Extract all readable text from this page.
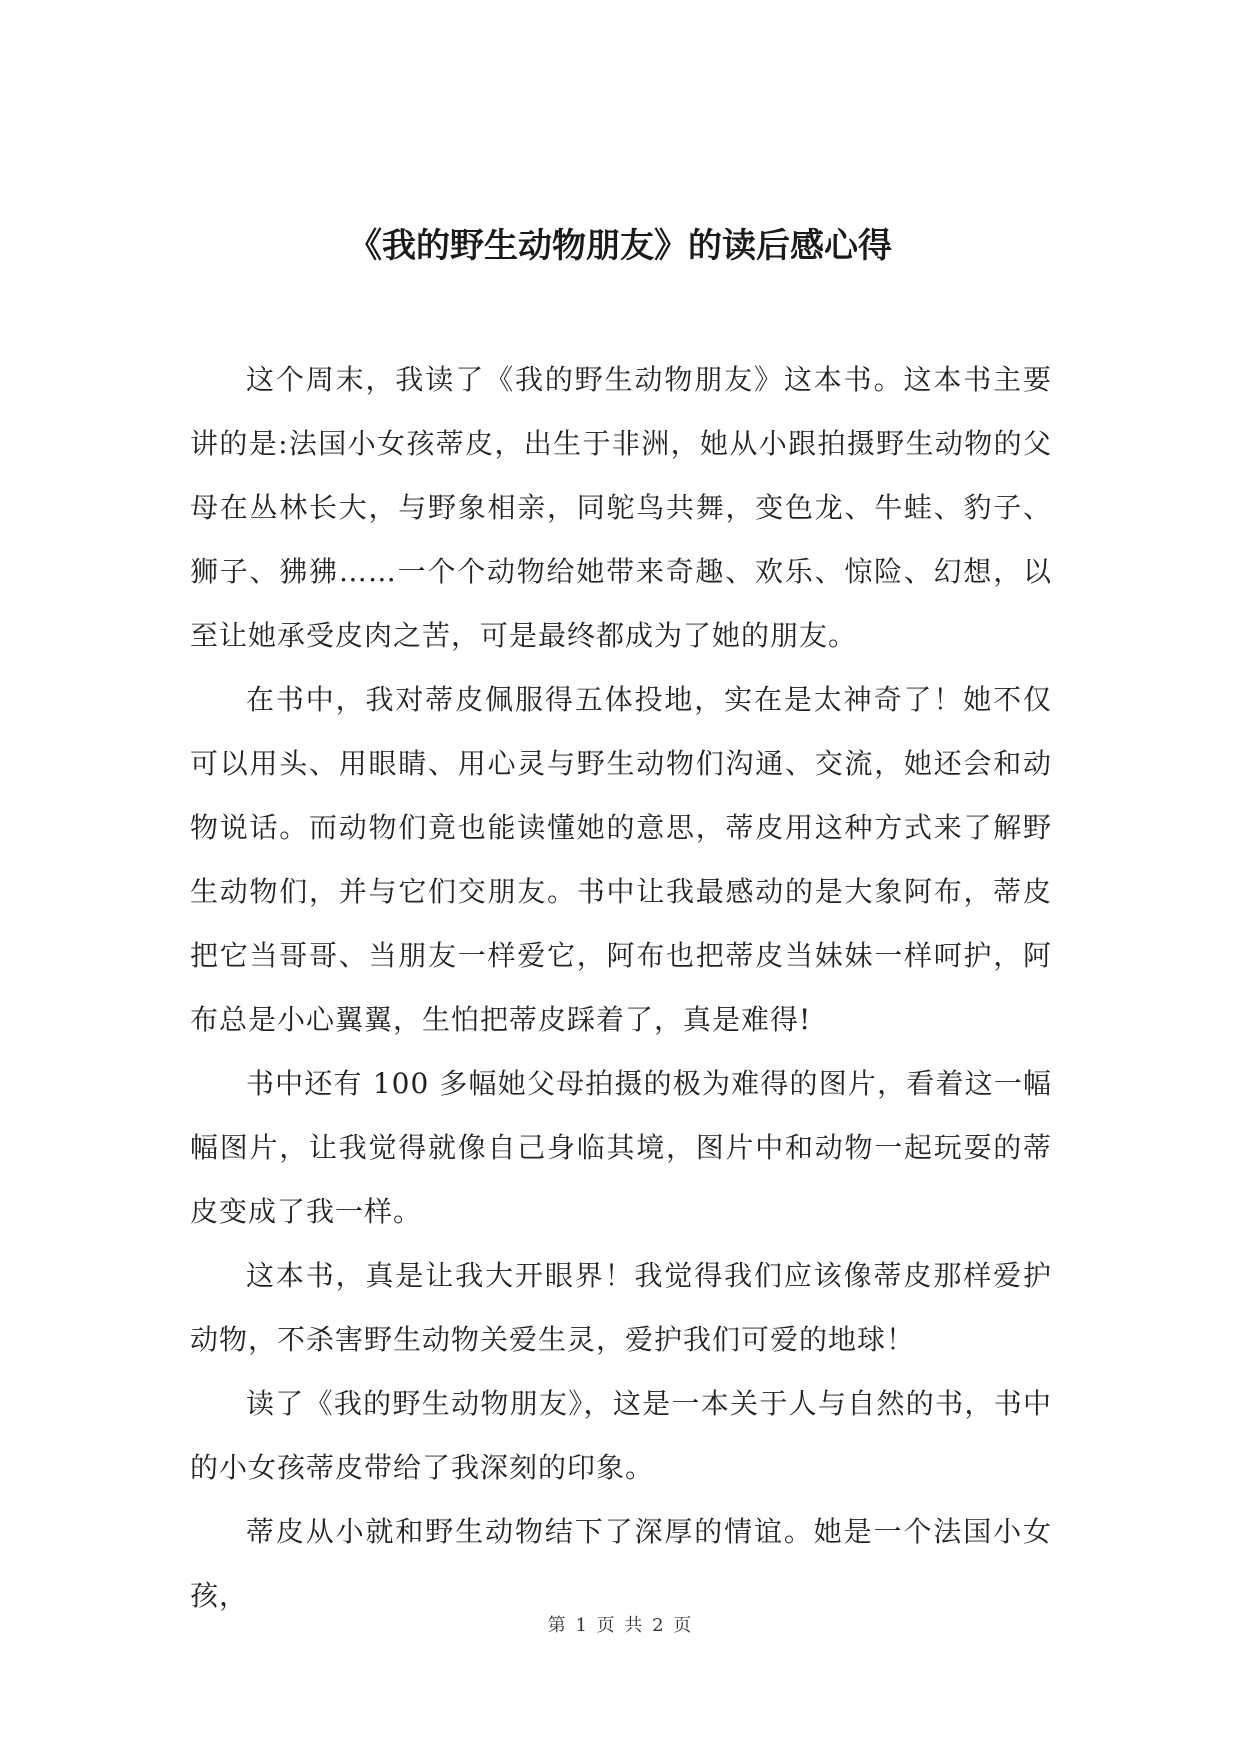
《我的野生动物朋友》的读后感心得

这个周末，我读了《我的野生动物朋友》这本书。这本书主要讲的是:法国小女孩蒂皮，出生于非洲，她从小跟拍摄野生动物的父母在丛林长大，与野象相亲，同鸵鸟共舞，变色龙、牛蛙、豹子、狮子、狒狒……一个个动物给她带来奇趣、欢乐、惊险、幻想，以至让她承受皮肉之苦，可是最终都成为了她的朋友。

在书中，我对蒂皮佩服得五体投地，实在是太神奇了！她不仅可以用头、用眼睛、用心灵与野生动物们沟通、交流，她还会和动物说话。而动物们竟也能读懂她的意思，蒂皮用这种方式来了解野生动物们，并与它们交朋友。书中让我最感动的是大象阿布，蒂皮把它当哥哥、当朋友一样爱它，阿布也把蒂皮当妹妹一样呵护，阿布总是小心翼翼，生怕把蒂皮踩着了，真是难得!

书中还有 100 多幅她父母拍摄的极为难得的图片，看着这一幅幅图片，让我觉得就像自己身临其境，图片中和动物一起玩耍的蒂皮变成了我一样。

这本书，真是让我大开眼界！我觉得我们应该像蒂皮那样爱护动物，不杀害野生动物关爱生灵，爱护我们可爱的地球！

读了《我的野生动物朋友》，这是一本关于人与自然的书，书中的小女孩蒂皮带给了我深刻的印象。

蒂皮从小就和野生动物结下了深厚的情谊。她是一个法国小女孩，

第 1 页 共 2 页
